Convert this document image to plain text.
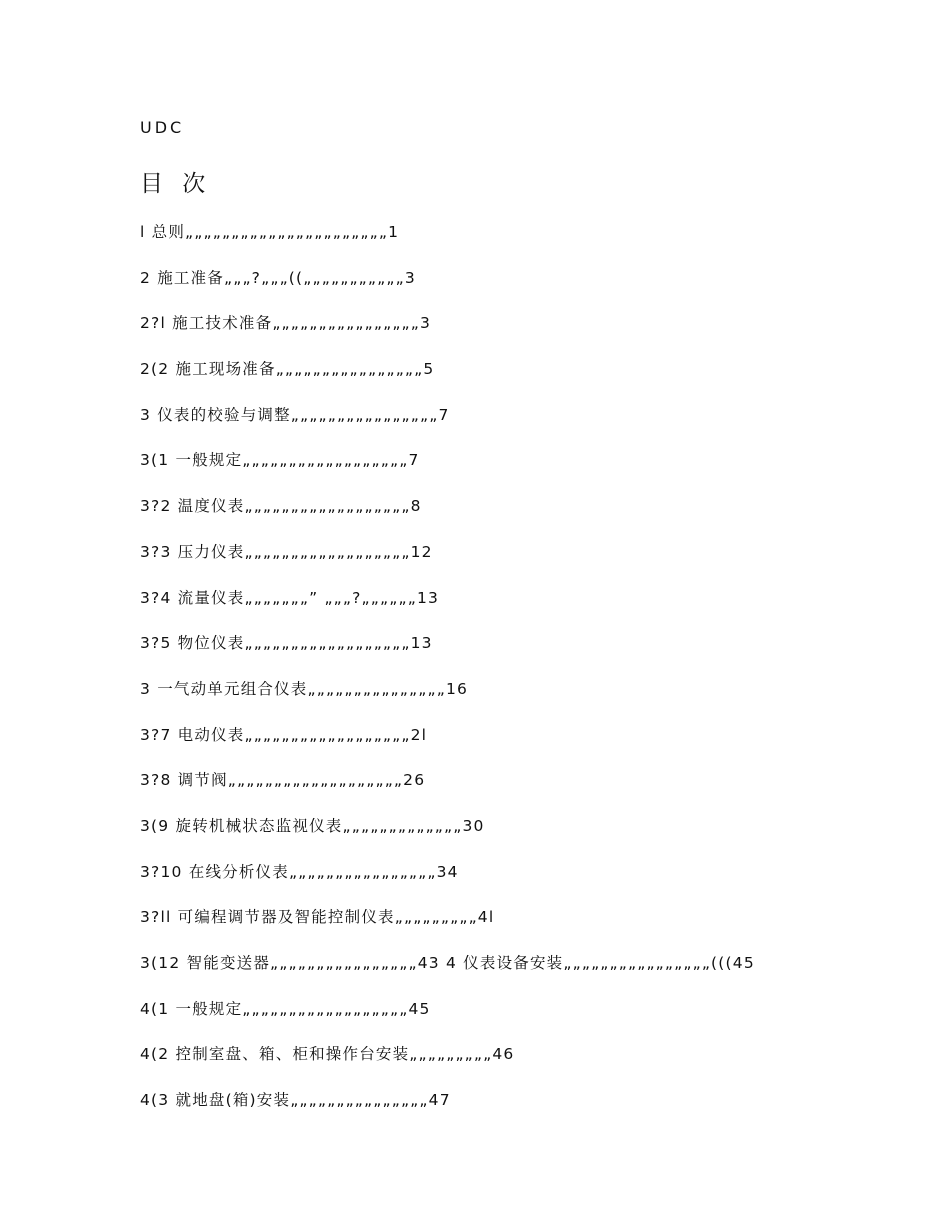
UDC
目 次
l 总则„„„„„„„„„„„„„„„„„„„„„„1
2 施工准备„„„?„„„((„„„„„„„„„„„3
2?l 施工技术准备„„„„„„„„„„„„„„„„3
2(2 施工现场准备„„„„„„„„„„„„„„„„5
3 仪表的校验与调整„„„„„„„„„„„„„„„„7
3(1 一般规定„„„„„„„„„„„„„„„„„„7
3?2 温度仪表„„„„„„„„„„„„„„„„„„8
3?3 压力仪表„„„„„„„„„„„„„„„„„„12
3?4 流量仪表„„„„„„„” „„„?„„„„„„13
3?5 物位仪表„„„„„„„„„„„„„„„„„„13
3 一气动单元组合仪表„„„„„„„„„„„„„„„16
3?7 电动仪表„„„„„„„„„„„„„„„„„„2l
3?8 调节阀„„„„„„„„„„„„„„„„„„„26
3(9 旋转机械状态监视仪表„„„„„„„„„„„„„30
3?10 在线分析仪表„„„„„„„„„„„„„„„„34
3?ll 可编程调节器及智能控制仪表„„„„„„„„„4l
3(12 智能变送器„„„„„„„„„„„„„„„„43 4 仪表设备安装„„„„„„„„„„„„„„„„(((45
4(1 一般规定„„„„„„„„„„„„„„„„„„45
4(2 控制室盘、箱、柜和操作台安装„„„„„„„„„46
4(3 就地盘(箱)安装„„„„„„„„„„„„„„„47
